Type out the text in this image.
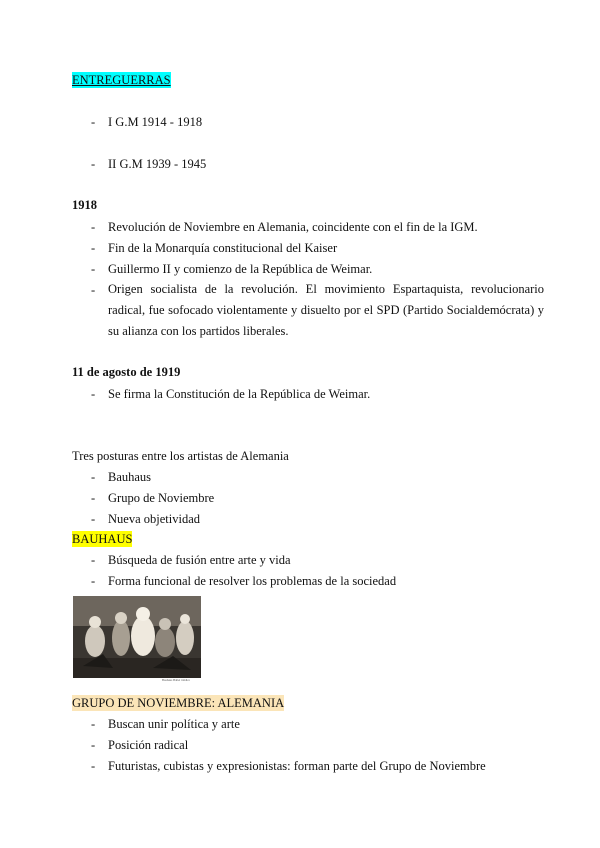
ENTREGUERRAS
- I G.M 1914 - 1918
- II G.M 1939 - 1945
1918
- Revolución de Noviembre en Alemania, coincidente con el fin de la IGM.
- Fin de la Monarquía constitucional del Kaiser
- Guillermo II y comienzo de la República de Weimar.
- Origen socialista de la revolución. El movimiento Espartaquista, revolucionario radical, fue sofocado violentamente y disuelto por el SPD (Partido Socialdemócrata) y su alianza con los partidos liberales.
11 de agosto de 1919
- Se firma la Constitución de la República de Weimar.
Tres posturas entre los artistas de Alemania
- Bauhaus
- Grupo de Noviembre
- Nueva objetividad
BAUHAUS
- Búsqueda de fusión entre arte y vida
- Forma funcional de resolver los problemas de la sociedad
Bauhaus Ballet triádico
GRUPO DE NOVIEMBRE: ALEMANIA
- Buscan unir política y arte
- Posición radical
- Futuristas, cubistas y expresionistas: forman parte del Grupo de Noviembre
